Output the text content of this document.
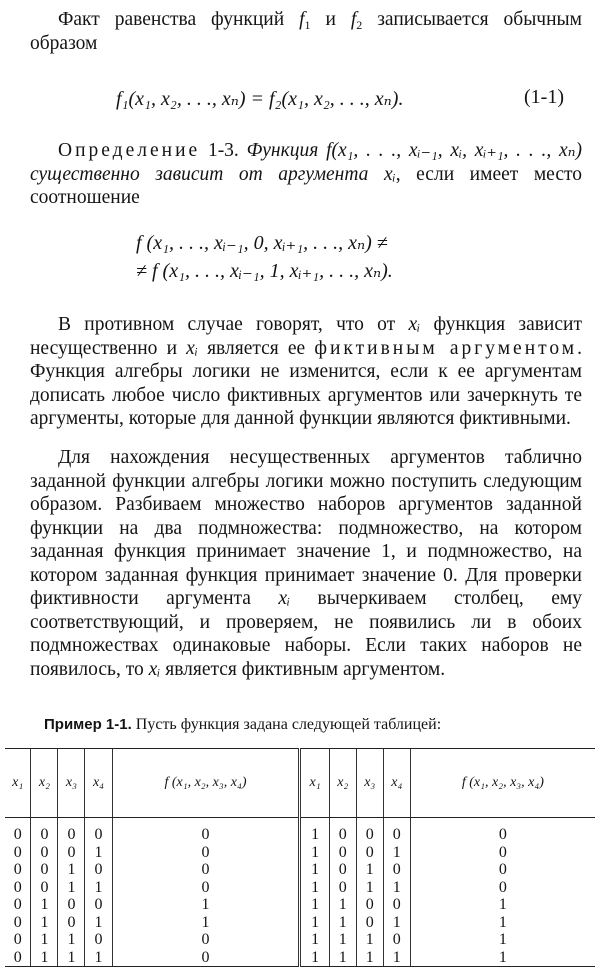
Факт равенства функций $f_1$ и $f_2$ записывается обычным образом

f₁(x₁, x₂, . . ., xₙ) = f₂(x₁, x₂, . . ., xₙ).	(1-1)

Определение 1-3. Функция f(x₁, . . ., xᵢ₋₁, xᵢ, xᵢ₊₁, . . ., xₙ) существенно зависит от аргумента xᵢ, если имеет место соотношение

f (x₁, . . ., xᵢ₋₁, 0, xᵢ₊₁, . . ., xₙ) ≠
≠ f (x₁, . . ., xᵢ₋₁, 1, xᵢ₊₁, . . ., xₙ).

В противном случае говорят, что от xᵢ функция зависит несущественно и xᵢ является ее фиктивным аргументом. Функция алгебры логики не изменится, если к ее аргументам дописать любое число фиктивных аргументов или зачеркнуть те аргументы, которые для данной функции являются фиктивными.

Для нахождения несущественных аргументов таблично заданной функции алгебры логики можно поступить следующим образом. Разбиваем множество наборов аргументов заданной функции на два подмножества: подмножество, на котором заданная функция принимает значение 1, и подмножество, на котором заданная функция принимает значение 0. Для проверки фиктивности аргумента xᵢ вычеркиваем столбец, ему соответствующий, и проверяем, не появились ли в обоих подмножествах одинаковые наборы. Если таких наборов не появилось, то xᵢ является фиктивным аргументом.

Пример 1-1. Пусть функция задана следующей таблицей:
x₁	x₂	x₃	x₄	f (x₁, x₂, x₃, x₄)	x₁	x₂	x₃	x₄	f (x₁, x₂, x₃, x₄)
0	0	0	0	0	1	0	0	0	0
0	0	0	1	0	1	0	0	1	0
0	0	1	0	0	1	0	1	0	0
0	0	1	1	0	1	0	1	1	0
0	1	0	0	1	1	1	0	0	1
0	1	0	1	1	1	1	0	1	1
0	1	1	0	0	1	1	1	0	1
0	1	1	1	0	1	1	1	1	1
